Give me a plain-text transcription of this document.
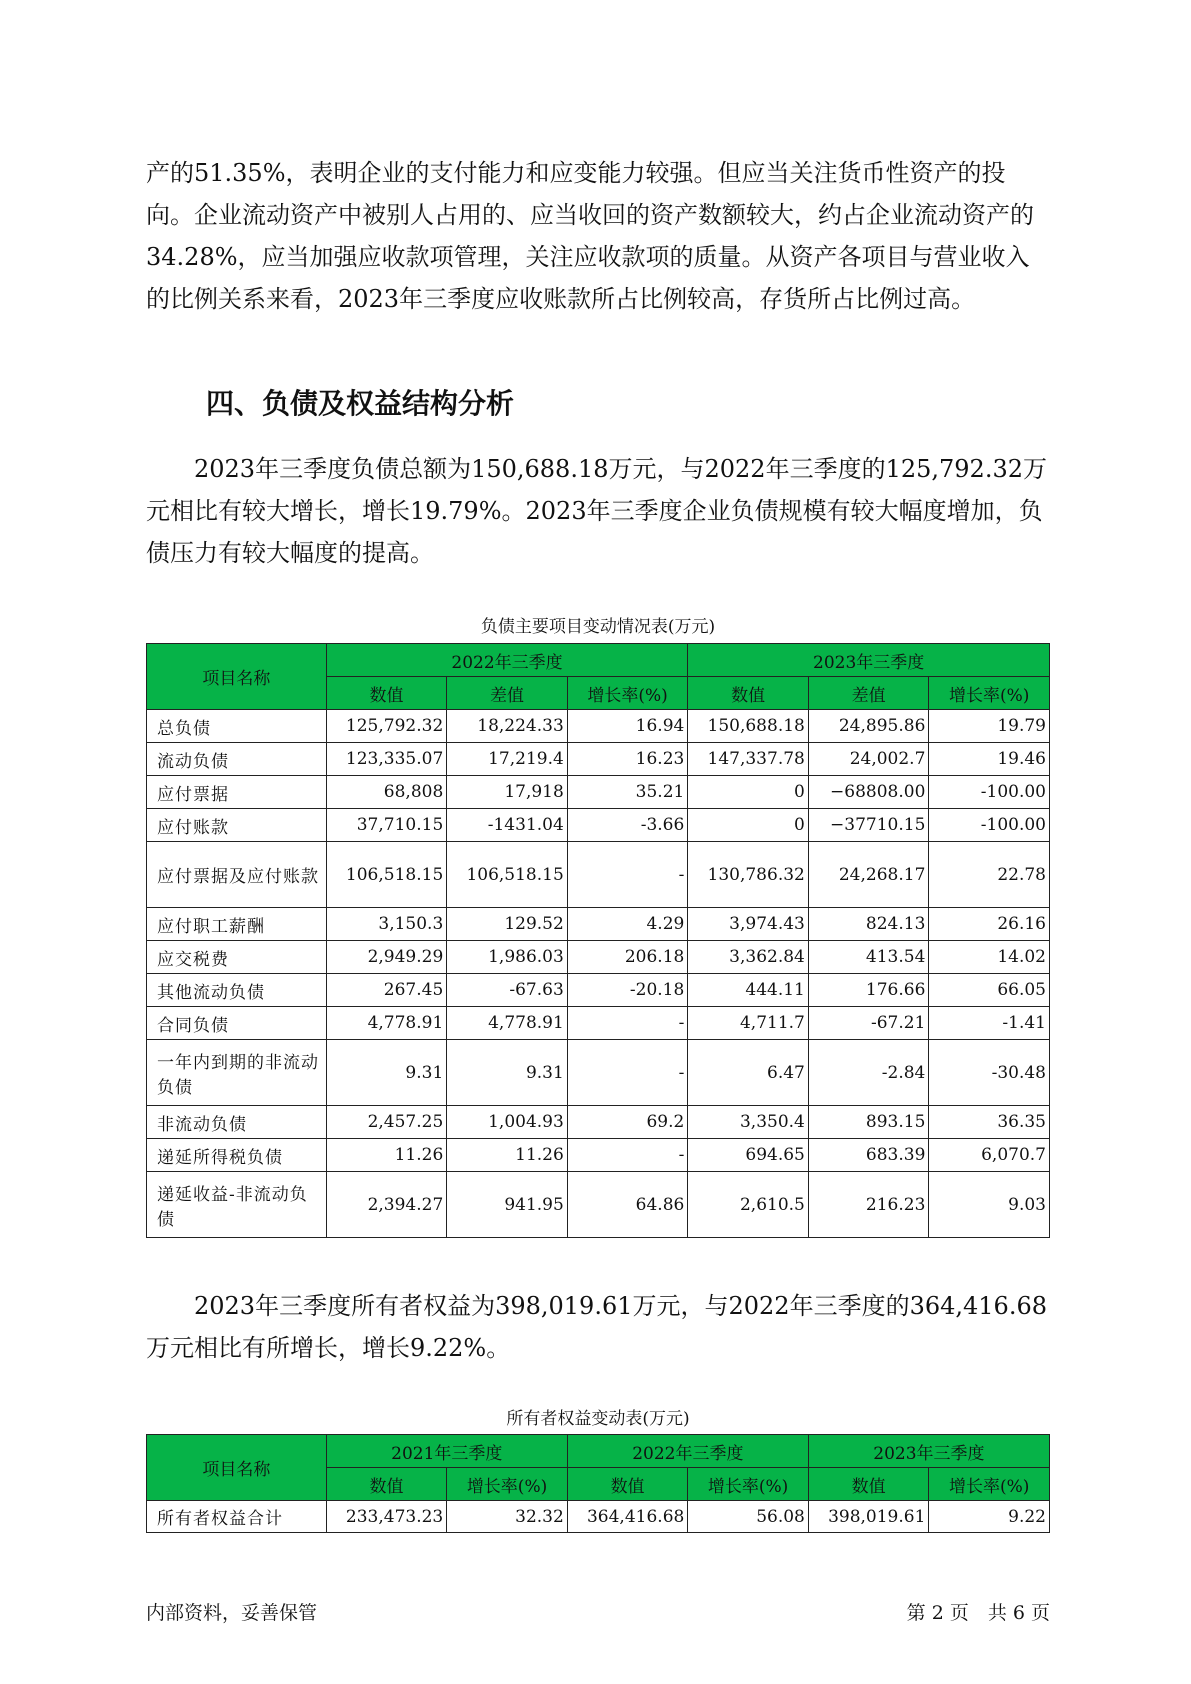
产的51.35%，表明企业的支付能力和应变能力较强。但应当关注货币性资产的投向。企业流动资产中被别人占用的、应当收回的资产数额较大，约占企业流动资产的34.28%，应当加强应收款项管理，关注应收款项的质量。从资产各项目与营业收入的比例关系来看，2023年三季度应收账款所占比例较高，存货所占比例过高。

四、负债及权益结构分析

　　2023年三季度负债总额为150,688.18万元，与2022年三季度的125,792.32万元相比有较大增长，增长19.79%。2023年三季度企业负债规模有较大幅度增加，负债压力有较大幅度的提高。

负债主要项目变动情况表(万元)

项目名称	2022年三季度			2023年三季度		
	数值	差值	增长率(%)	数值	差值	增长率(%)
总负债	125,792.32	18,224.33	16.94	150,688.18	24,895.86	19.79
流动负债	123,335.07	17,219.4	16.23	147,337.78	24,002.7	19.46
应付票据	68,808	17,918	35.21	0	−68808.00	-100.00
应付账款	37,710.15	-1431.04	-3.66	0	−37710.15	-100.00
应付票据及应付账款	106,518.15	106,518.15	-	130,786.32	24,268.17	22.78
应付职工薪酬	3,150.3	129.52	4.29	3,974.43	824.13	26.16
应交税费	2,949.29	1,986.03	206.18	3,362.84	413.54	14.02
其他流动负债	267.45	-67.63	-20.18	444.11	176.66	66.05
合同负债	4,778.91	4,778.91	-	4,711.7	-67.21	-1.41
一年内到期的非流动负债	9.31	9.31	-	6.47	-2.84	-30.48
非流动负债	2,457.25	1,004.93	69.2	3,350.4	893.15	36.35
递延所得税负债	11.26	11.26	-	694.65	683.39	6,070.7
递延收益-非流动负债	2,394.27	941.95	64.86	2,610.5	216.23	9.03

　　2023年三季度所有者权益为398,019.61万元，与2022年三季度的364,416.68万元相比有所增长，增长9.22%。

所有者权益变动表(万元)

项目名称	2021年三季度		2022年三季度		2023年三季度	
	数值	增长率(%)	数值	增长率(%)	数值	增长率(%)
所有者权益合计	233,473.23	32.32	364,416.68	56.08	398,019.61	9.22

内部资料，妥善保管	第 2 页　共 6 页
